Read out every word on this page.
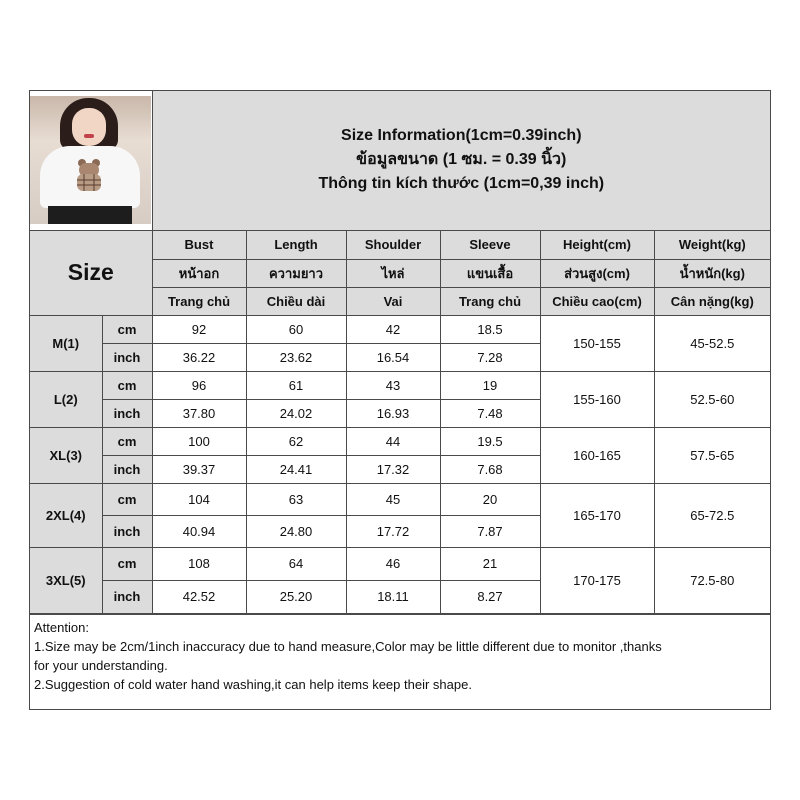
Size Information(1cm=0.39inch)
ข้อมูลขนาด (1 ซม. = 0.39 นิ้ว)
Thông tin kích thước (1cm=0,39 inch)					

Size		Bust	Length	Shoulder	Sleeve	Height(cm)	Weight(kg)
		หน้าอก	ความยาว	ไหล่	แขนเสื้อ	ส่วนสูง(cm)	น้ำหนัก(kg)
		Trang chủ	Chiều dài	Vai	Trang chủ	Chiều cao(cm)	Cân nặng(kg)
M(1)	cm	92	60	42	18.5	150-155	45-52.5
	inch	36.22	23.62	16.54	7.28		
L(2)	cm	96	61	43	19	155-160	52.5-60
	inch	37.80	24.02	16.93	7.48		
XL(3)	cm	100	62	44	19.5	160-165	57.5-65
	inch	39.37	24.41	17.32	7.68		
2XL(4)	cm	104	63	45	20	165-170	65-72.5
	inch	40.94	24.80	17.72	7.87		
3XL(5)	cm	108	64	46	21	170-175	72.5-80
	inch	42.52	25.20	18.11	8.27		
Attention:
1.Size may be 2cm/1inch inaccuracy due to hand measure,Color may be little different due to monitor ,thanks
for your understanding.
2.Suggestion of cold water hand washing,it can help items keep their shape.
